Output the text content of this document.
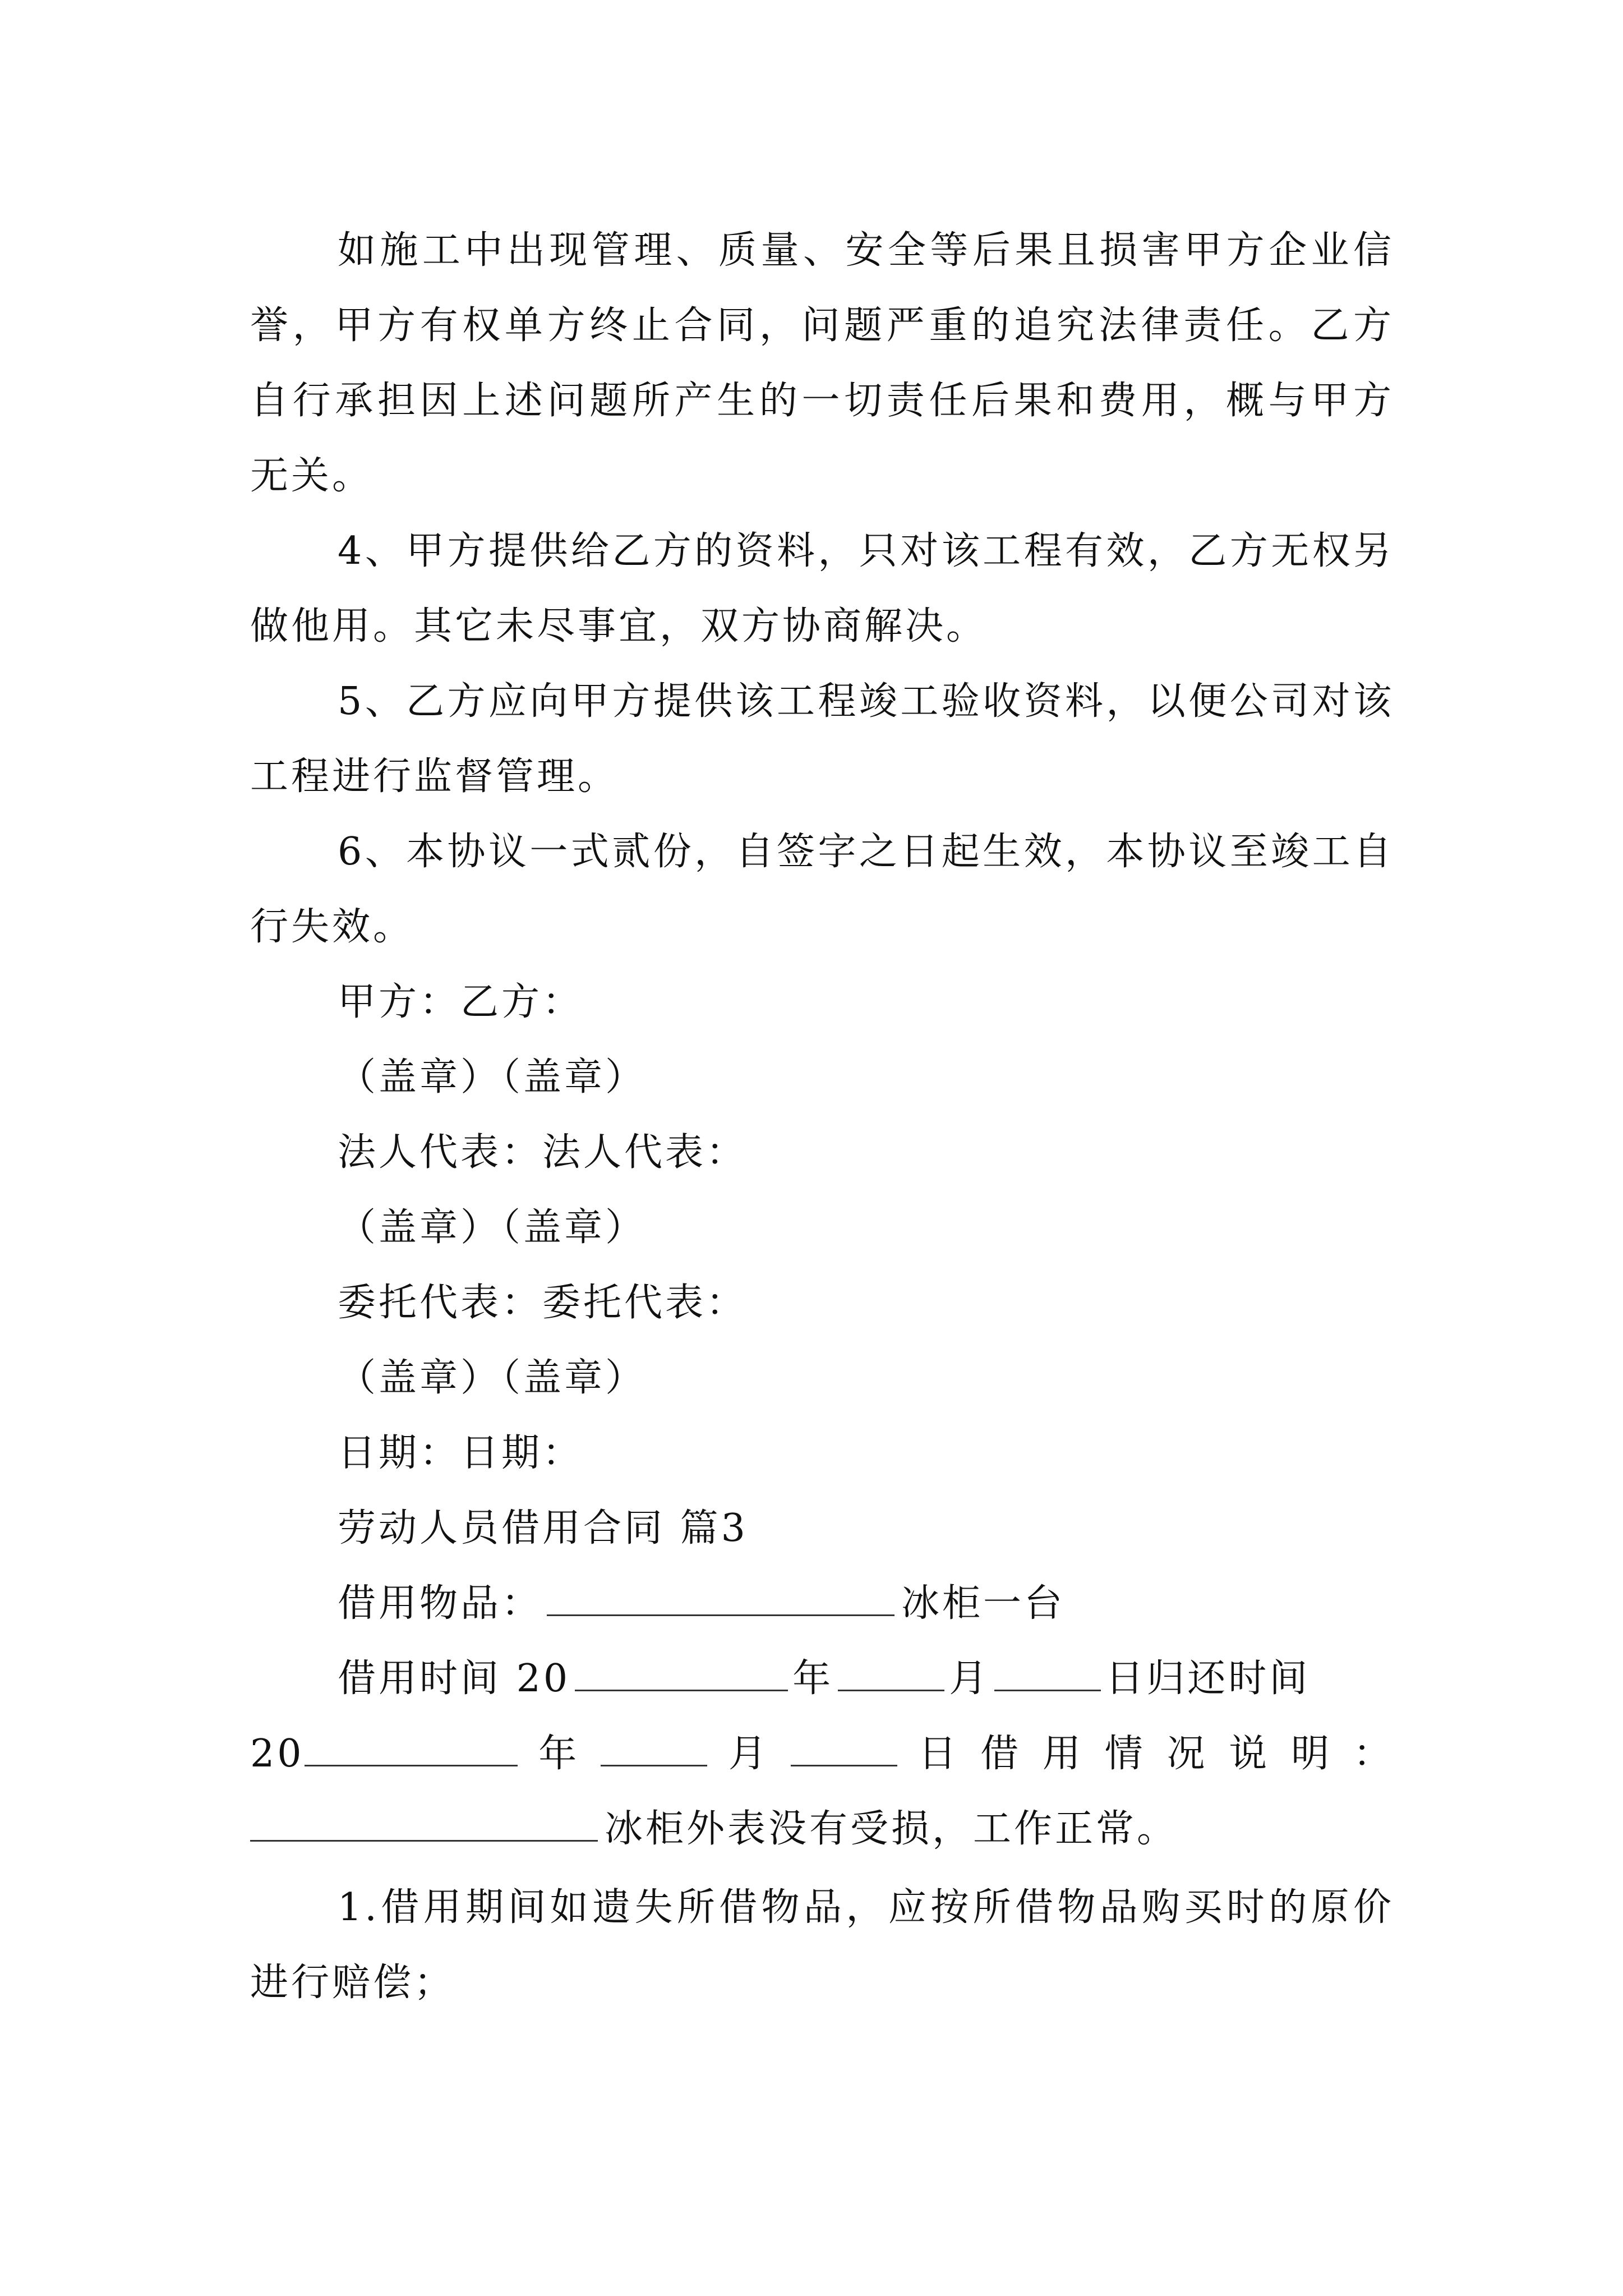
如施工中出现管理、质量、安全等后果且损害甲方企业信誉，甲方有权单方终止合同，问题严重的追究法律责任。乙方自行承担因上述问题所产生的一切责任后果和费用，概与甲方无关。

4、甲方提供给乙方的资料，只对该工程有效，乙方无权另做他用。其它未尽事宜，双方协商解决。

5、乙方应向甲方提供该工程竣工验收资料，以便公司对该工程进行监督管理。

6、本协议一式贰份，自签字之日起生效，本协议至竣工自行失效。

甲方：乙方：

（盖章）（盖章）

法人代表：法人代表：

（盖章）（盖章）

委托代表：委托代表：

（盖章）（盖章）

日期：日期：

劳动人员借用合同 篇3

借用物品：	冰柜一台

借用时间 20	年	月	日归还时间

20	年	月	日 借 用 情 况 说 明 ：

冰柜外表没有受损，工作正常。

1.借用期间如遗失所借物品，应按所借物品购买时的原价进行赔偿；
